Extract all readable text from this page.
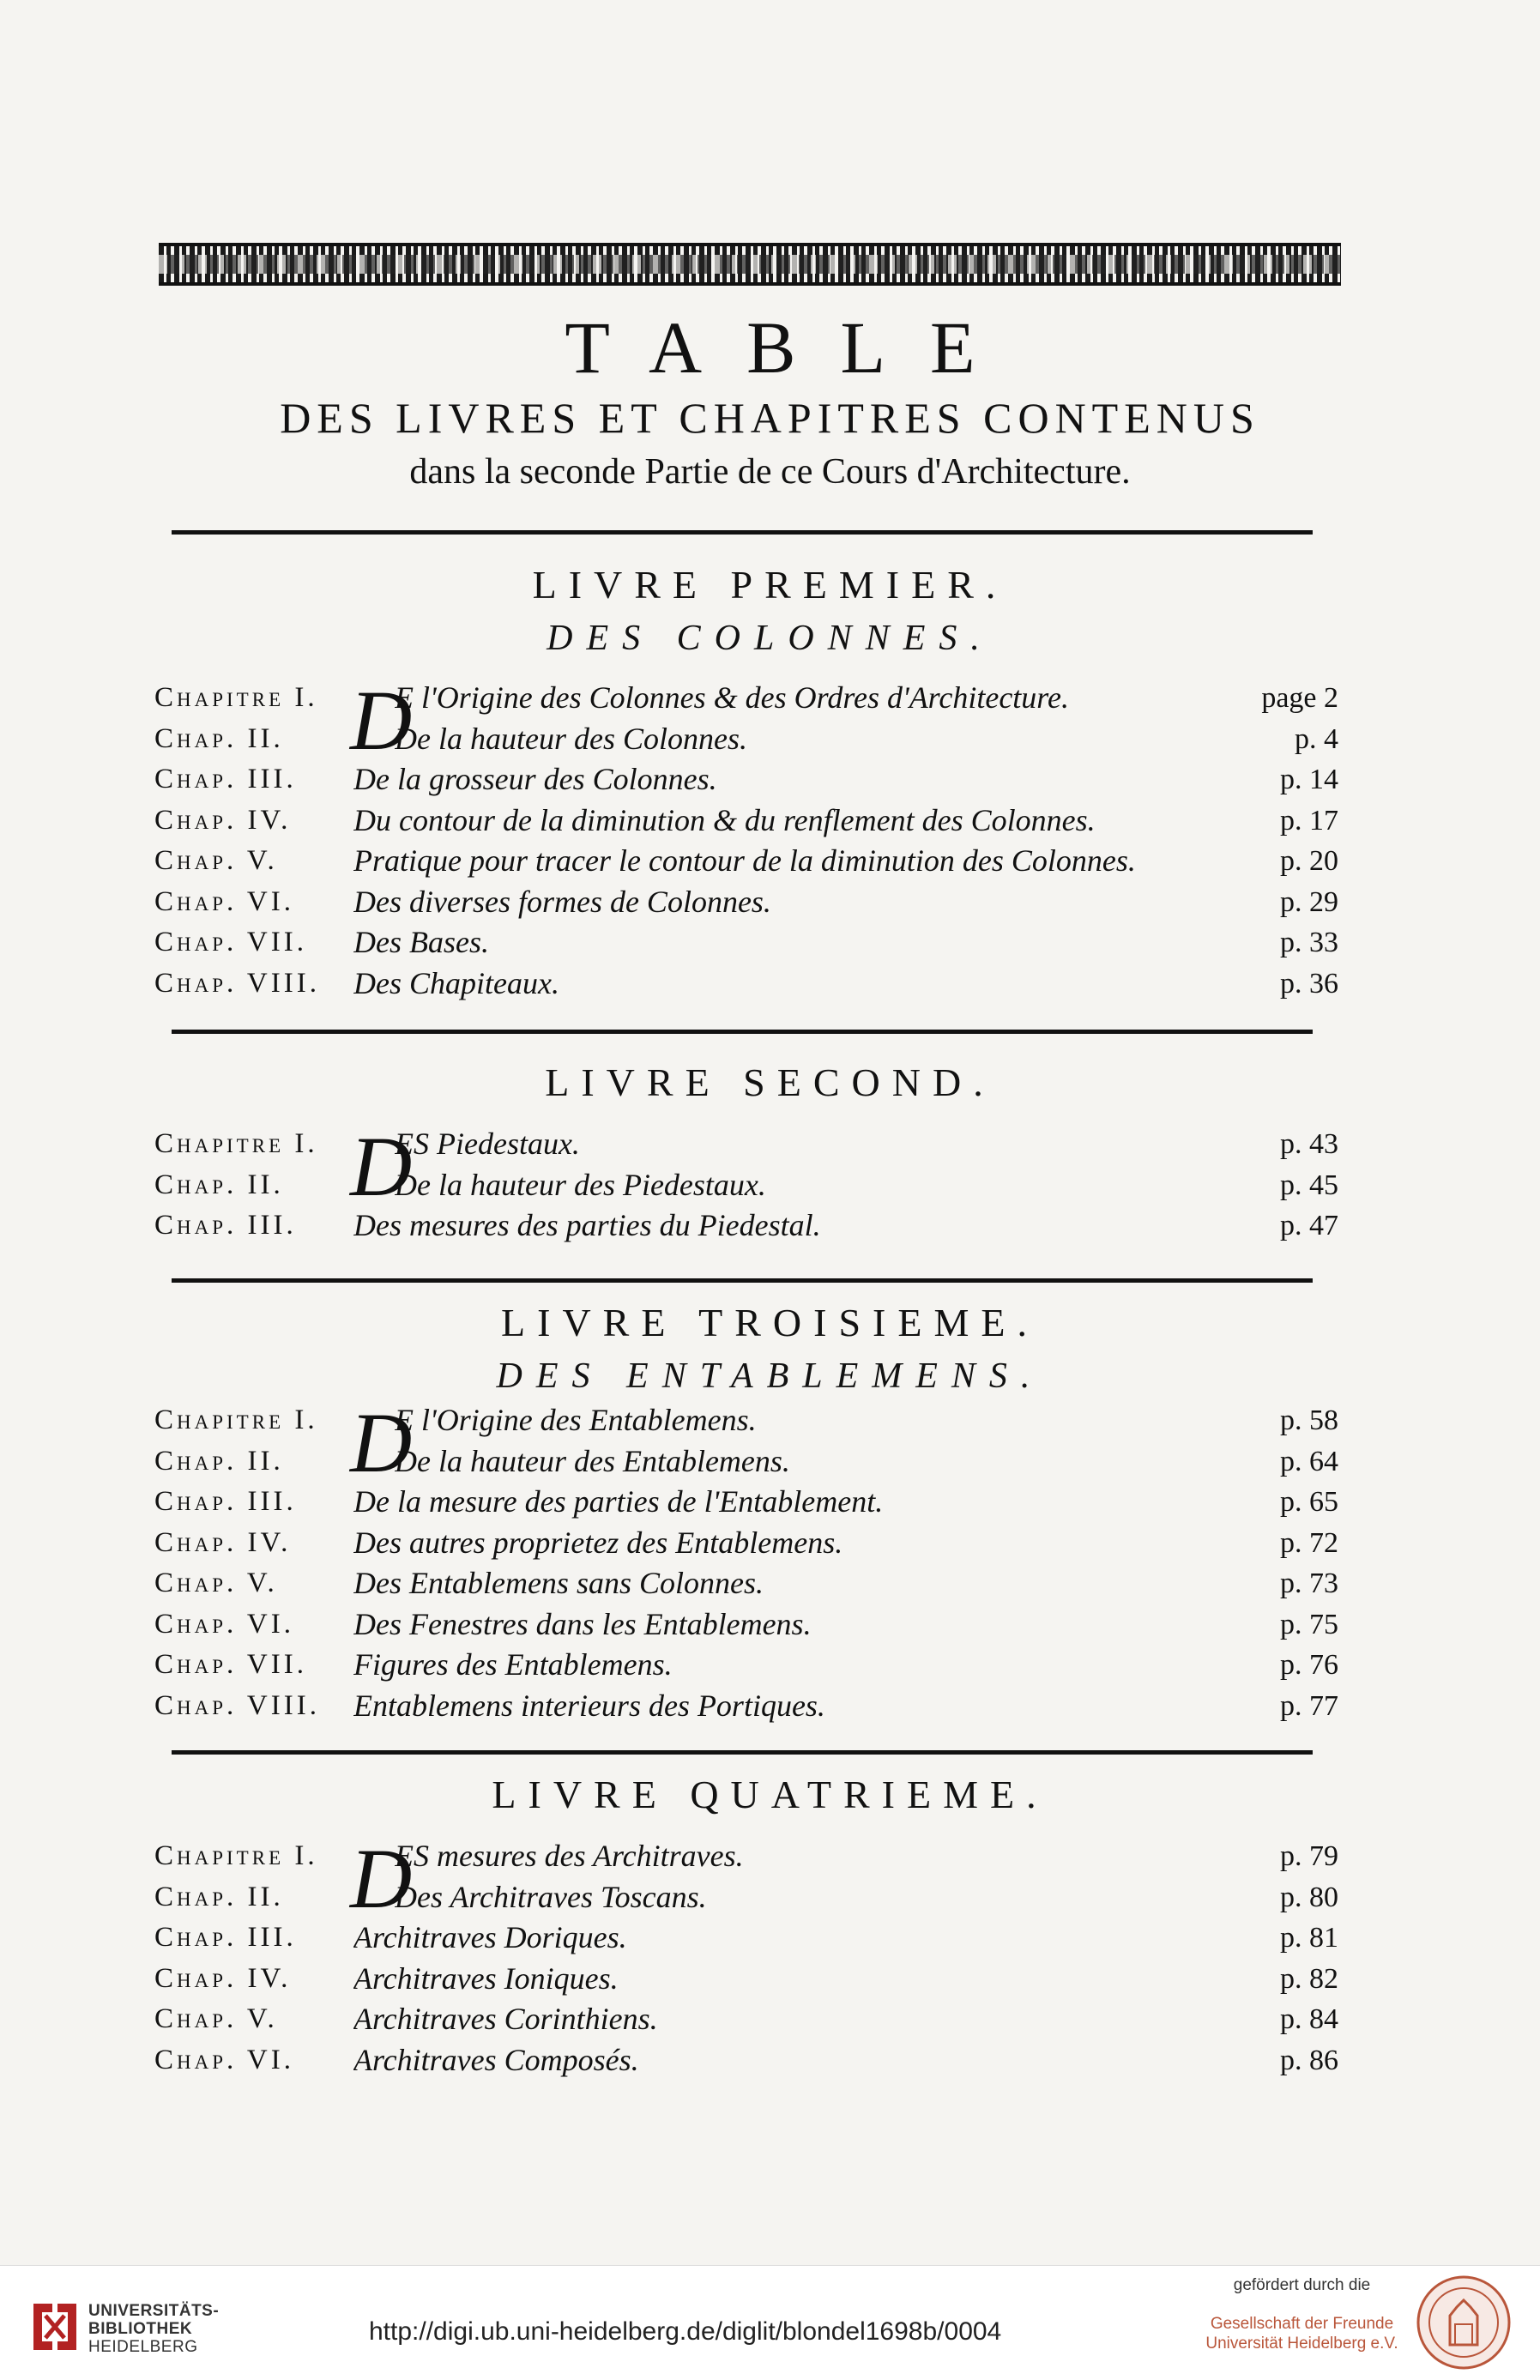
TABLE
DES LIVRES ET CHAPITRES CONTENUS
dans la seconde Partie de ce Cours d'Architecture.
LIVRE PREMIER.
DES COLONNES.
D
Chapitre I.	E l'Origine des Colonnes & des Ordres d'Architecture.	page 2
Chap. II.	De la hauteur des Colonnes.	p. 4
Chap. III.	De la grosseur des Colonnes.	p. 14
Chap. IV.	Du contour de la diminution & du renflement des Colonnes.	p. 17
Chap. V.	Pratique pour tracer le contour de la diminution des Colonnes.	p. 20
Chap. VI.	Des diverses formes de Colonnes.	p. 29
Chap. VII.	Des Bases.	p. 33
Chap. VIII.	Des Chapiteaux.	p. 36
LIVRE SECOND.
D
Chapitre I.	ES Piedestaux.	p. 43
Chap. II.	De la hauteur des Piedestaux.	p. 45
Chap. III.	Des mesures des parties du Piedestal.	p. 47
LIVRE TROISIEME.
DES ENTABLEMENS.
D
Chapitre I.	E l'Origine des Entablemens.	p. 58
Chap. II.	De la hauteur des Entablemens.	p. 64
Chap. III.	De la mesure des parties de l'Entablement.	p. 65
Chap. IV.	Des autres proprietez des Entablemens.	p. 72
Chap. V.	Des Entablemens sans Colonnes.	p. 73
Chap. VI.	Des Fenestres dans les Entablemens.	p. 75
Chap. VII.	Figures des Entablemens.	p. 76
Chap. VIII.	Entablemens interieurs des Portiques.	p. 77
LIVRE QUATRIEME.
D
Chapitre I.	ES mesures des Architraves.	p. 79
Chap. II.	Des Architraves Toscans.	p. 80
Chap. III.	Architraves Doriques.	p. 81
Chap. IV.	Architraves Ioniques.	p. 82
Chap. V.	Architraves Corinthiens.	p. 84
Chap. VI.	Architraves Composés.	p. 86
UNIVERSITÄTS-
BIBLIOTHEK
HEIDELBERG
http://digi.ub.uni-heidelberg.de/diglit/blondel1698b/0004
gefördert durch die
Gesellschaft der Freunde
Universität Heidelberg e.V.
